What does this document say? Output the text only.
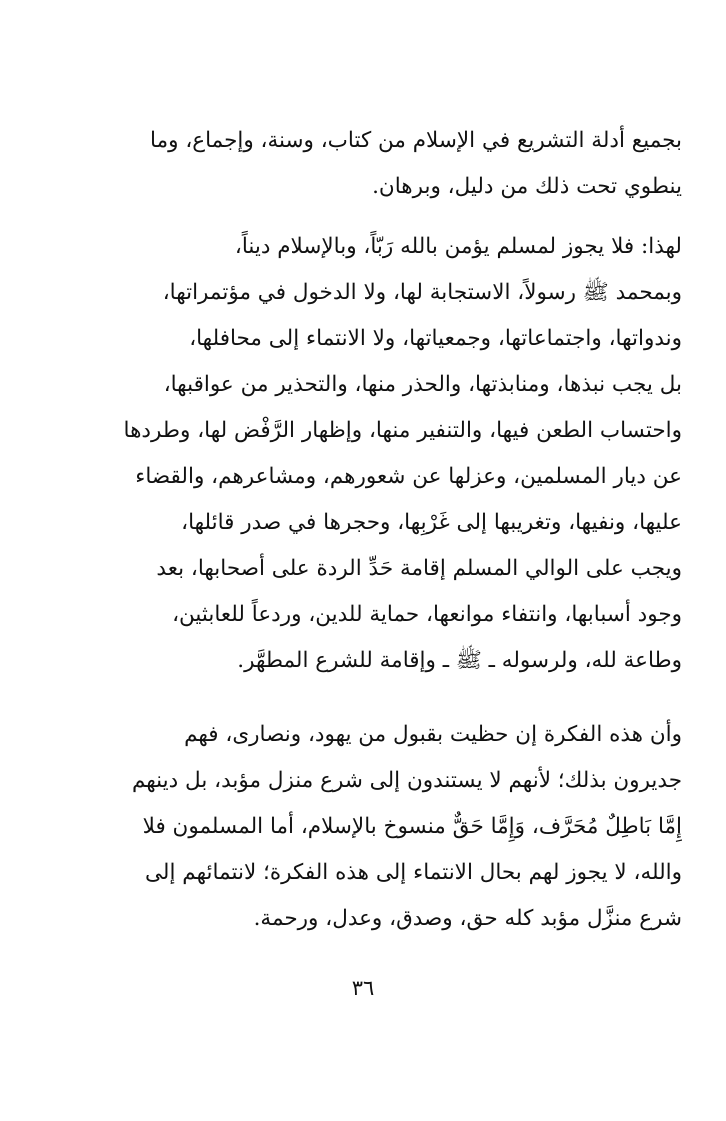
بجميع أدلة التشريع في الإسلام من كتاب، وسنة، وإجماع، وما
ينطوي تحت ذلك من دليل، وبرهان.
لهذا: فلا يجوز لمسلم يؤمن بالله رَبّاً، وبالإسلام ديناً،
وبمحمد ﷺ رسولاً، الاستجابة لها، ولا الدخول في مؤتمراتها،
وندواتها، واجتماعاتها، وجمعياتها، ولا الانتماء إلى محافلها،
بل يجب نبذها، ومنابذتها، والحذر منها، والتحذير من عواقبها،
واحتساب الطعن فيها، والتنفير منها، وإظهار الرَّفْض لها، وطردها
عن ديار المسلمين، وعزلها عن شعورهم، ومشاعرهم، والقضاء
عليها، ونفيها، وتغريبها إلى غَرْبِها، وحجرها في صدر قائلها،
ويجب على الوالي المسلم إقامة حَدِّ الردة على أصحابها، بعد
وجود أسبابها، وانتفاء موانعها، حماية للدين، وردعاً للعابثين،
وطاعة لله، ولرسوله ـ ﷺ ـ وإقامة للشرع المطهَّر.
وأن هذه الفكرة إن حظيت بقبول من يهود، ونصارى، فهم
جديرون بذلك؛ لأنهم لا يستندون إلى شرع منزل مؤبد، بل دينهم
إِمَّا بَاطِلٌ مُحَرَّف، وَإِمَّا حَقٌّ منسوخ بالإسلام، أما المسلمون فلا
والله، لا يجوز لهم بحال الانتماء إلى هذه الفكرة؛ لانتمائهم إلى
شرع منزَّل مؤبد كله حق، وصدق، وعدل، ورحمة.
٣٦
